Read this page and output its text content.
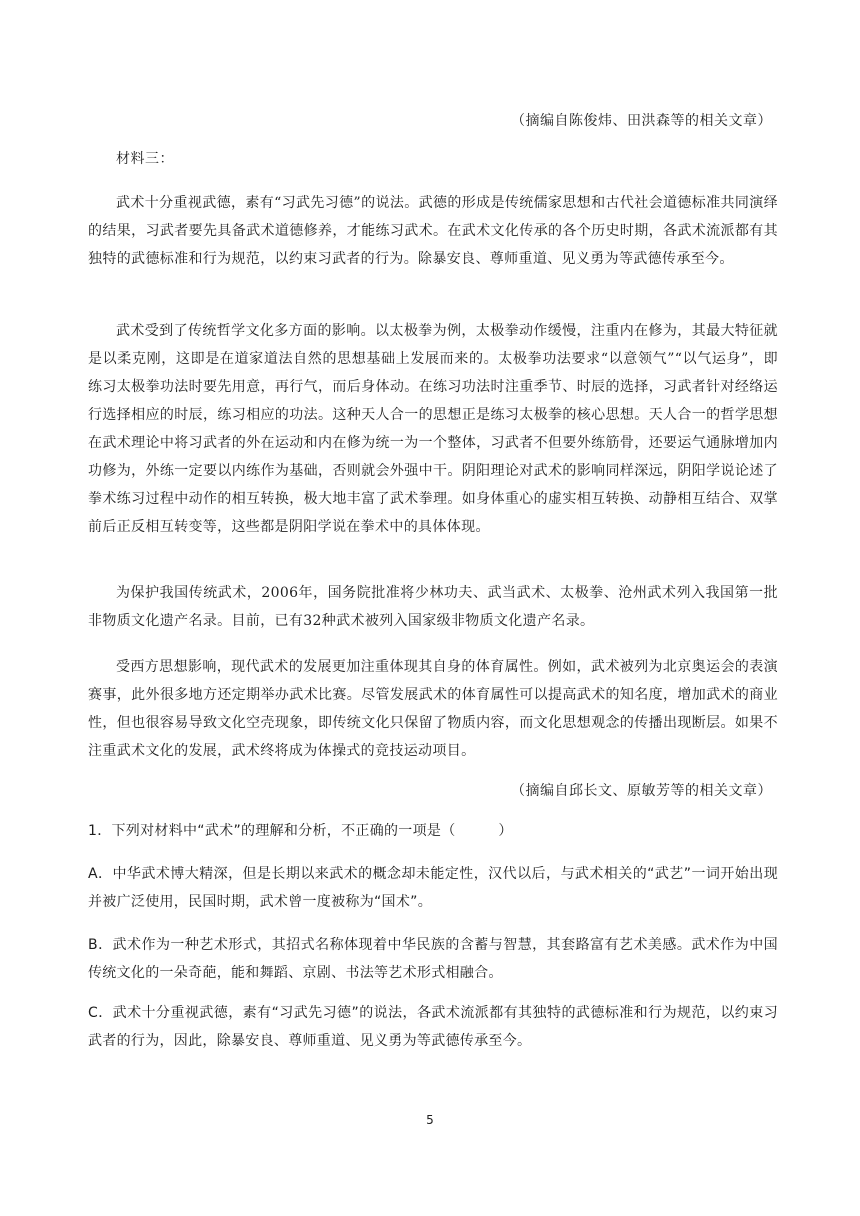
（摘编自陈俊炜、田洪森等的相关文章）
材料三：

武术十分重视武德，素有“习武先习德”的说法。武德的形成是传统儒家思想和古代社会道德标准共同演绎的结果，习武者要先具备武术道德修养，才能练习武术。在武术文化传承的各个历史时期，各武术流派都有其独特的武德标准和行为规范，以约束习武者的行为。除暴安良、尊师重道、见义勇为等武德传承至今。

武术受到了传统哲学文化多方面的影响。以太极拳为例，太极拳动作缓慢，注重内在修为，其最大特征就是以柔克刚，这即是在道家道法自然的思想基础上发展而来的。太极拳功法要求“以意领气”“以气运身”，即练习太极拳功法时要先用意，再行气，而后身体动。在练习功法时注重季节、时辰的选择，习武者针对经络运行选择相应的时辰，练习相应的功法。这种天人合一的思想正是练习太极拳的核心思想。天人合一的哲学思想在武术理论中将习武者的外在运动和内在修为统一为一个整体，习武者不但要外练筋骨，还要运气通脉增加内功修为，外练一定要以内练作为基础，否则就会外强中干。阴阳理论对武术的影响同样深远，阴阳学说论述了拳术练习过程中动作的相互转换，极大地丰富了武术拳理。如身体重心的虚实相互转换、动静相互结合、双掌前后正反相互转变等，这些都是阴阳学说在拳术中的具体体现。

为保护我国传统武术，2006年，国务院批准将少林功夫、武当武术、太极拳、沧州武术列入我国第一批非物质文化遗产名录。目前，已有32种武术被列入国家级非物质文化遗产名录。

受西方思想影响，现代武术的发展更加注重体现其自身的体育属性。例如，武术被列为北京奥运会的表演赛事，此外很多地方还定期举办武术比赛。尽管发展武术的体育属性可以提高武术的知名度，增加武术的商业性，但也很容易导致文化空壳现象，即传统文化只保留了物质内容，而文化思想观念的传播出现断层。如果不注重武术文化的发展，武术终将成为体操式的竞技运动项目。

（摘编自邱长文、原敏芳等的相关文章）

1．下列对材料中“武术”的理解和分析，不正确的一项是（　　　）

A．中华武术博大精深，但是长期以来武术的概念却未能定性，汉代以后，与武术相关的“武艺”一词开始出现并被广泛使用，民国时期，武术曾一度被称为“国术”。

B．武术作为一种艺术形式，其招式名称体现着中华民族的含蓄与智慧，其套路富有艺术美感。武术作为中国传统文化的一朵奇葩，能和舞蹈、京剧、书法等艺术形式相融合。

C．武术十分重视武德，素有“习武先习德”的说法，各武术流派都有其独特的武德标准和行为规范，以约束习武者的行为，因此，除暴安良、尊师重道、见义勇为等武德传承至今。

5
